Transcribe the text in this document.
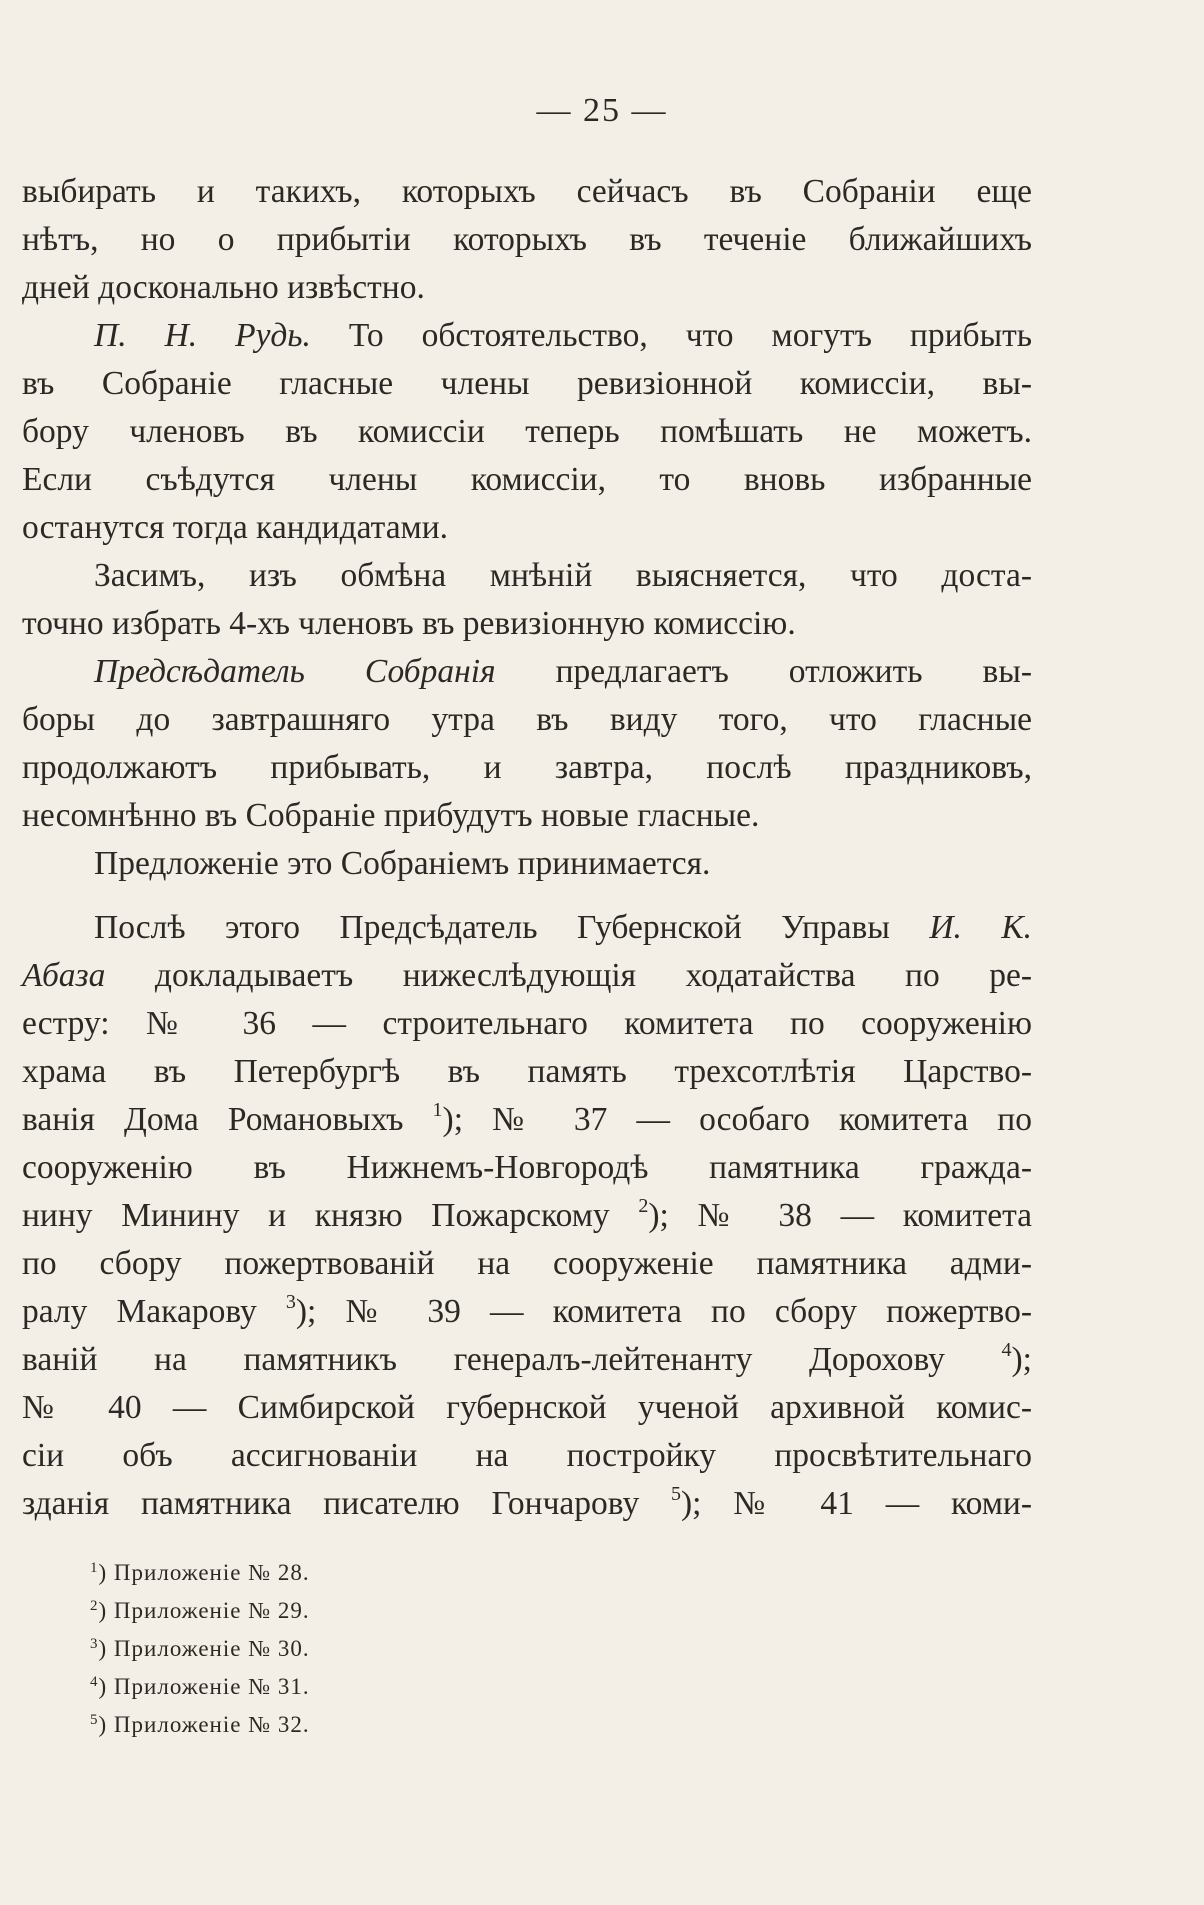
— 25 —
выбирать и такихъ, которыхъ сейчасъ въ Собраніи еще
нѣтъ, но о прибытіи которыхъ въ теченіе ближайшихъ
дней досконально извѣстно.
П. Н. Рудь. То обстоятельство, что могутъ прибыть
въ Собраніе гласные члены ревизіонной комиссіи, вы-
бору членовъ въ комиссіи теперь помѣшать не можетъ.
Если съѣдутся члены комиссіи, то вновь избранные
останутся тогда кандидатами.
Засимъ, изъ обмѣна мнѣній выясняется, что доста-
точно избрать 4-хъ членовъ въ ревизіонную комиссію.
Предсѣдатель Собранія предлагаетъ отложить вы-
боры до завтрашняго утра въ виду того, что гласные
продолжаютъ прибывать, и завтра, послѣ праздниковъ,
несомнѣнно въ Собраніе прибудутъ новые гласные.
Предложеніе это Собраніемъ принимается.
Послѣ этого Предсѣдатель Губернской Управы И. К.
Абаза докладываетъ нижеслѣдующія ходатайства по ре-
естру: № 36 — строительнаго комитета по сооруженію
храма въ Петербургѣ въ память трехсотлѣтія Царство-
ванія Дома Романовыхъ $^1$); № 37 — особаго комитета по
сооруженію въ Нижнемъ-Новгородѣ памятника гражда-
нину Минину и князю Пожарскому $^2$); № 38 — комитета
по сбору пожертвованій на сооруженіе памятника адми-
ралу Макарову $^3$); № 39 — комитета по сбору пожертво-
ваній на памятникъ генералъ-лейтенанту Дорохову $^4$);
№ 40 — Симбирской губернской ученой архивной комис-
сіи объ ассигнованіи на постройку просвѣтительнаго
зданія памятника писателю Гончарову $^5$); № 41 — коми-
$^1$) Приложеніе № 28.
$^2$) Приложеніе № 29.
$^3$) Приложеніе № 30.
$^4$) Приложеніе № 31.
$^5$) Приложеніе № 32.
